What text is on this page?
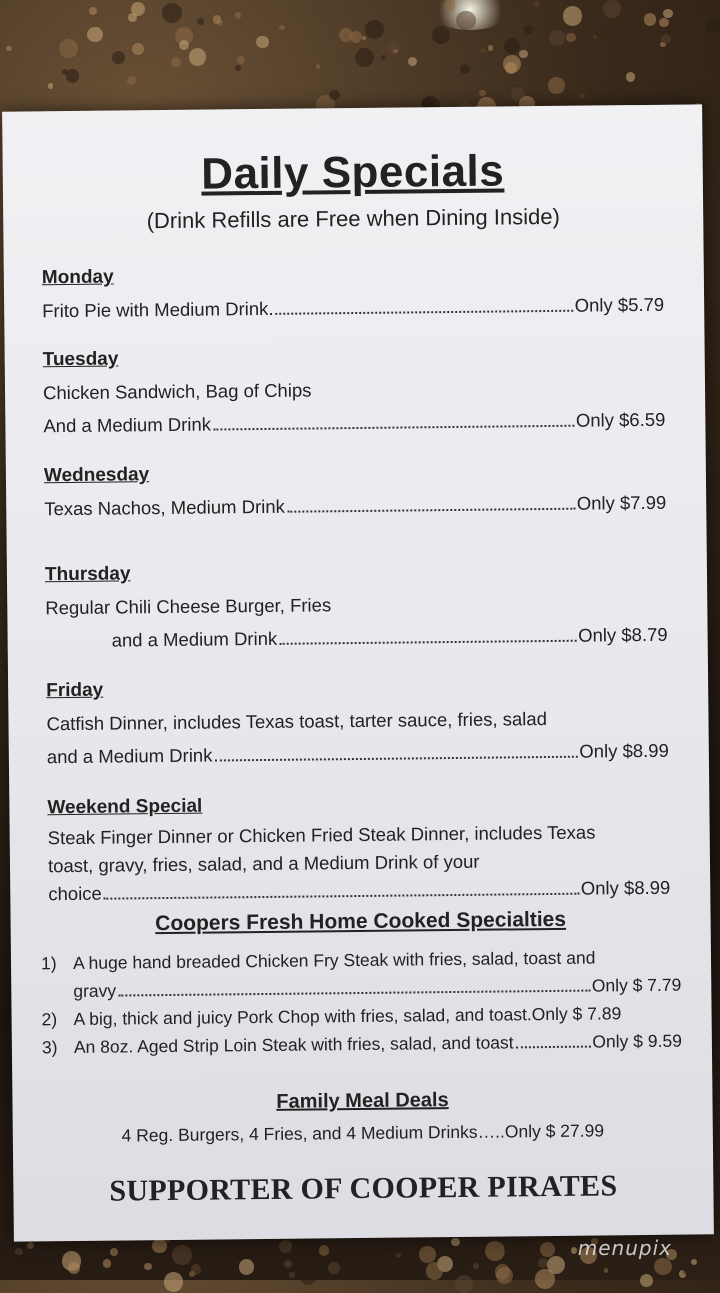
Daily Specials
(Drink Refills are Free when Dining Inside)
Monday
Frito Pie with Medium Drink	Only $5.79
Tuesday
Chicken Sandwich, Bag of Chips
And a Medium Drink	Only $6.59
Wednesday
Texas Nachos, Medium Drink	Only $7.99
Thursday
Regular Chili Cheese Burger, Fries
and a Medium Drink	Only $8.79
Friday
Catfish Dinner, includes Texas toast, tarter sauce, fries, salad
and a Medium Drink	Only $8.99
Weekend Special
Steak Finger Dinner or Chicken Fried Steak Dinner, includes Texas
toast, gravy, fries, salad, and a Medium Drink of your
choice	Only $8.99
Coopers Fresh Home Cooked Specialties
1) A huge hand breaded Chicken Fry Steak with fries, salad, toast and
gravy	Only $ 7.79
2) A big, thick and juicy Pork Chop with fries, salad, and toast. Only $ 7.89
3) An 8oz. Aged Strip Loin Steak with fries, salad, and toast	Only $ 9.59
Family Meal Deals
4 Reg. Burgers, 4 Fries, and 4 Medium Drinks…..Only $ 27.99
SUPPORTER OF COOPER PIRATES
menupix
